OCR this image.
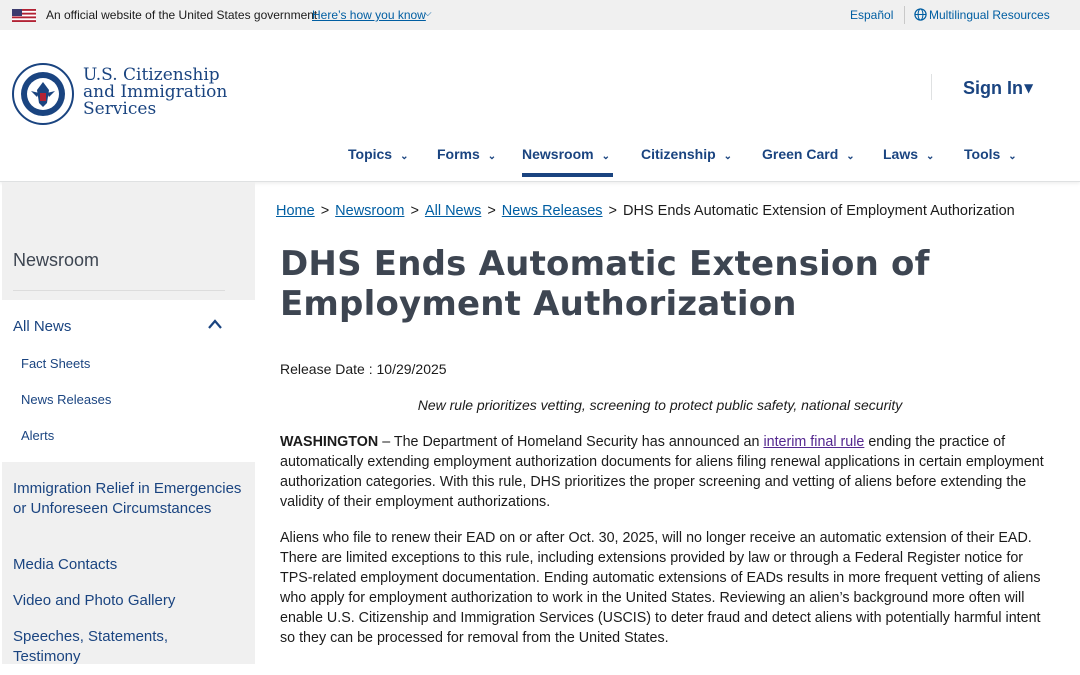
An official website of the United States government
Here’s how you know
⌵	Español	Multilingual Resources
U.S. Citizenship
and Immigration
Services
Sign In ▼
Topics ⌄ Forms ⌄ Newsroom ⌄ Citizenship ⌄ Green Card ⌄ Laws ⌄ Tools ⌄
Newsroom
All News
Fact Sheets
News Releases
Alerts
Immigration Relief in Emergencies or Unforeseen Circumstances
Media Contacts
Video and Photo Gallery
Speeches, Statements, Testimony
Home > Newsroom > All News > News Releases > DHS Ends Automatic Extension of Employment Authorization
DHS Ends Automatic Extension of Employment Authorization
Release Date : 10/29/2025
New rule prioritizes vetting, screening to protect public safety, national security

WASHINGTON – The Department of Homeland Security has announced an interim final rule ending the practice of automatically extending employment authorization documents for aliens filing renewal applications in certain employment authorization categories. With this rule, DHS prioritizes the proper screening and vetting of aliens before extending the validity of their employment authorizations.

Aliens who file to renew their EAD on or after Oct. 30, 2025, will no longer receive an automatic extension of their EAD. There are limited exceptions to this rule, including extensions provided by law or through a Federal Register notice for TPS-related employment documentation. Ending automatic extensions of EADs results in more frequent vetting of aliens who apply for employment authorization to work in the United States. Reviewing an alien’s background more often will enable U.S. Citizenship and Immigration Services (USCIS) to deter fraud and detect aliens with potentially harmful intent so they can be processed for removal from the United States.
